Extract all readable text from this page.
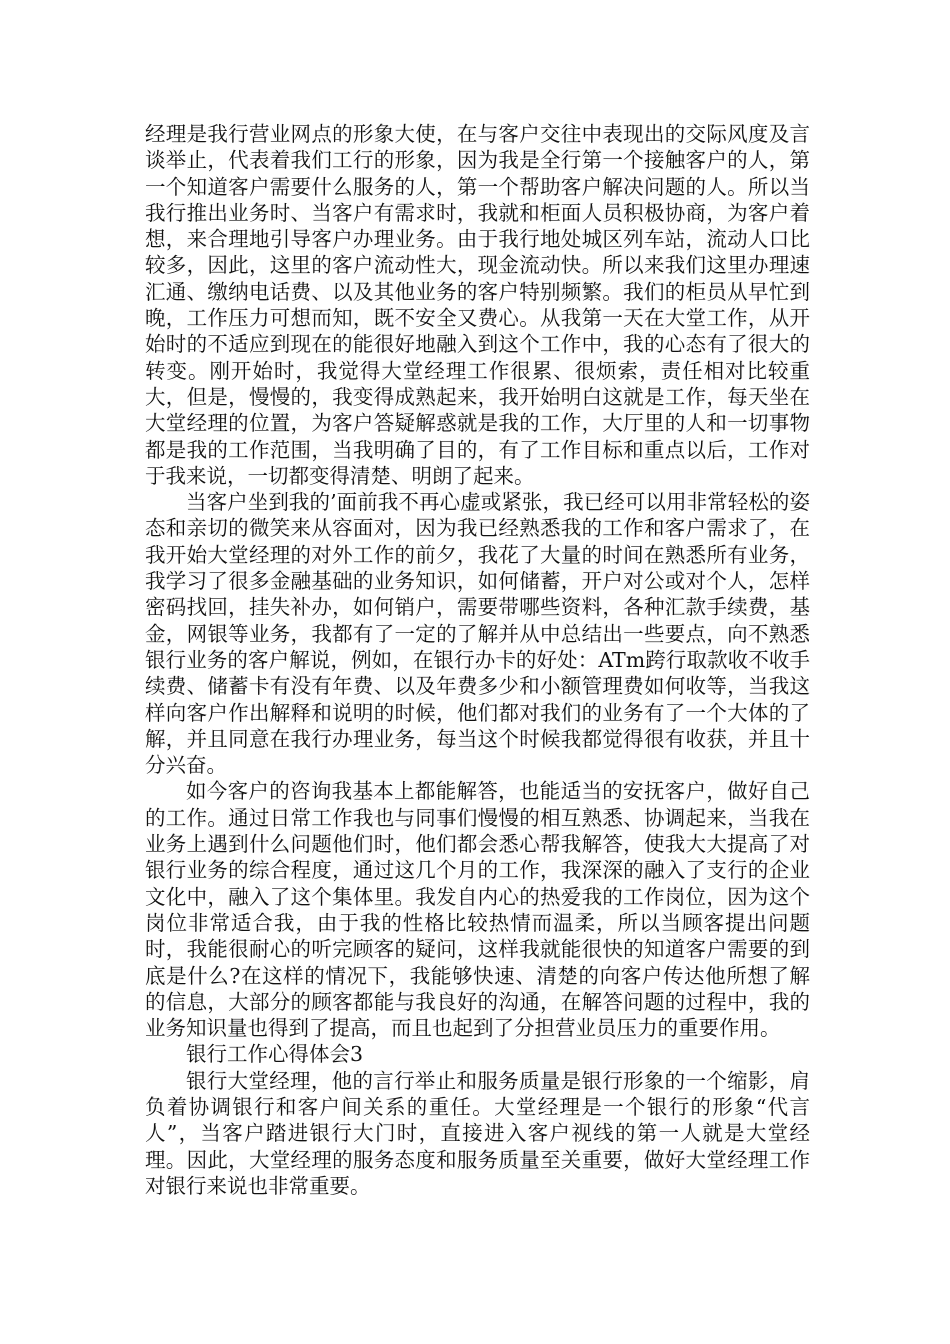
经理是我行营业网点的形象大使，在与客户交往中表现出的交际风度及言谈举止，代表着我们工行的形象，因为我是全行第一个接触客户的人，第一个知道客户需要什么服务的人，第一个帮助客户解决问题的人。所以当我行推出业务时、当客户有需求时，我就和柜面人员积极协商，为客户着想，来合理地引导客户办理业务。由于我行地处城区列车站，流动人口比较多，因此，这里的客户流动性大，现金流动快。所以来我们这里办理速汇通、缴纳电话费、以及其他业务的客户特别频繁。我们的柜员从早忙到晚，工作压力可想而知，既不安全又费心。从我第一天在大堂工作，从开始时的不适应到现在的能很好地融入到这个工作中，我的心态有了很大的转变。刚开始时，我觉得大堂经理工作很累、很烦索，责任相对比较重大，但是，慢慢的，我变得成熟起来，我开始明白这就是工作，每天坐在大堂经理的位置，为客户答疑解惑就是我的工作，大厅里的人和一切事物都是我的工作范围，当我明确了目的，有了工作目标和重点以后，工作对于我来说，一切都变得清楚、明朗了起来。

当客户坐到我的’面前我不再心虚或紧张，我已经可以用非常轻松的姿态和亲切的微笑来从容面对，因为我已经熟悉我的工作和客户需求了，在我开始大堂经理的对外工作的前夕，我花了大量的时间在熟悉所有业务，我学习了很多金融基础的业务知识，如何储蓄，开户对公或对个人，怎样密码找回，挂失补办，如何销户，需要带哪些资料，各种汇款手续费，基金，网银等业务，我都有了一定的了解并从中总结出一些要点，向不熟悉银行业务的客户解说，例如，在银行办卡的好处：ATm跨行取款收不收手续费、储蓄卡有没有年费、以及年费多少和小额管理费如何收等，当我这样向客户作出解释和说明的时候，他们都对我们的业务有了一个大体的了解，并且同意在我行办理业务，每当这个时候我都觉得很有收获，并且十分兴奋。

如今客户的咨询我基本上都能解答，也能适当的安抚客户，做好自己的工作。通过日常工作我也与同事们慢慢的相互熟悉、协调起来，当我在业务上遇到什么问题他们时，他们都会悉心帮我解答，使我大大提高了对银行业务的综合程度，通过这几个月的工作，我深深的融入了支行的企业文化中，融入了这个集体里。我发自内心的热爱我的工作岗位，因为这个岗位非常适合我，由于我的性格比较热情而温柔，所以当顾客提出问题时，我能很耐心的听完顾客的疑问，这样我就能很快的知道客户需要的到底是什么?在这样的情况下，我能够快速、清楚的向客户传达他所想了解的信息，大部分的顾客都能与我良好的沟通，在解答问题的过程中，我的业务知识量也得到了提高，而且也起到了分担营业员压力的重要作用。

银行工作心得体会3

银行大堂经理，他的言行举止和服务质量是银行形象的一个缩影，肩负着协调银行和客户间关系的重任。大堂经理是一个银行的形象“代言人”，当客户踏进银行大门时，直接进入客户视线的第一人就是大堂经理。因此，大堂经理的服务态度和服务质量至关重要，做好大堂经理工作对银行来说也非常重要。
